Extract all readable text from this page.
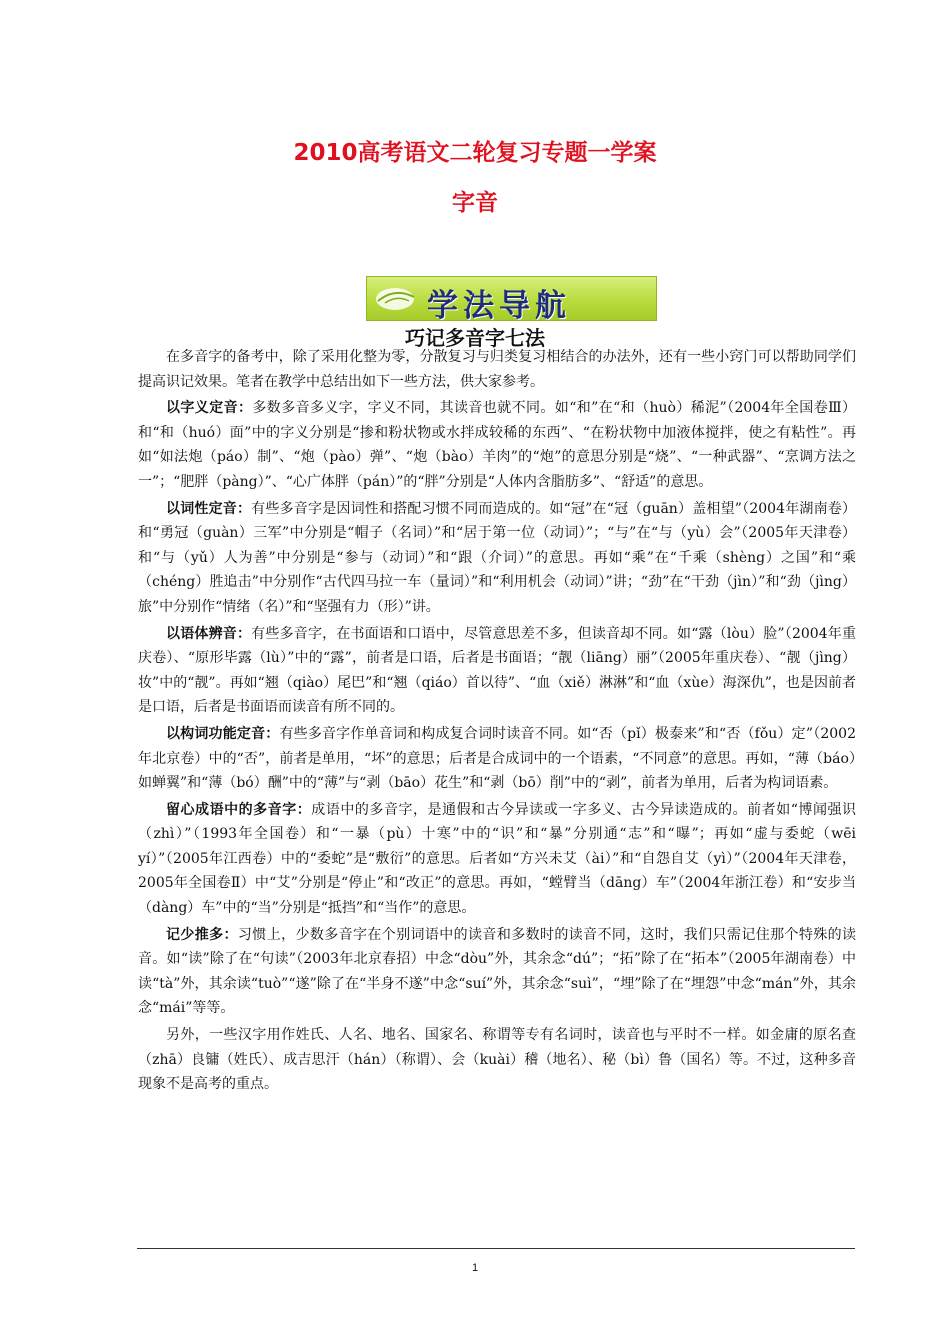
2010高考语文二轮复习专题一学案
字音
学法导航
巧记多音字七法

在多音字的备考中，除了采用化整为零，分散复习与归类复习相结合的办法外，还有一些小窍门可以帮助同学们提高识记效果。笔者在教学中总结出如下一些方法，供大家参考。

以字义定音：多数多音多义字，字义不同，其读音也就不同。如“和”在“和（huò）稀泥”（2004年全国卷Ⅲ）和“和（huó）面”中的字义分别是“掺和粉状物或水拌成较稀的东西”、“在粉状物中加液体搅拌，使之有粘性”。再如“如法炮（páo）制”、“炮（pào）弹”、“炮（bào）羊肉”的“炮”的意思分别是“烧”、“一种武器”、“烹调方法之一”；“肥胖（pàng）”、“心广体胖（pán）”的“胖”分别是“人体内含脂肪多”、“舒适”的意思。

以词性定音：有些多音字是因词性和搭配习惯不同而造成的。如“冠”在“冠（guān）盖相望”（2004年湖南卷）和“勇冠（guàn）三军”中分别是“帽子（名词）”和“居于第一位（动词）”；“与”在“与（yù）会”（2005年天津卷）和“与（yǔ）人为善”中分别是“参与（动词）”和“跟（介词）”的意思。再如“乘”在“千乘（shèng）之国”和“乘（chéng）胜追击”中分别作“古代四马拉一车（量词）”和“利用机会（动词）”讲；“劲”在“干劲（jìn）”和“劲（jìng）旅”中分别作“情绪（名）”和“坚强有力（形）”讲。

以语体辨音：有些多音字，在书面语和口语中，尽管意思差不多，但读音却不同。如“露（lòu）脸”（2004年重庆卷）、“原形毕露（lù）”中的“露”，前者是口语，后者是书面语；“靓（liāng）丽”（2005年重庆卷）、“靓（jìng）妆”中的“靓”。再如“翘（qiào）尾巴”和“翘（qiáo）首以待”、“血（xiě）淋淋”和“血（xùe）海深仇”，也是因前者是口语，后者是书面语而读音有所不同的。

以构词功能定音：有些多音字作单音词和构成复合词时读音不同。如“否（pǐ）极泰来”和“否（fǒu）定”（2002年北京卷）中的“否”，前者是单用，“坏”的意思；后者是合成词中的一个语素，“不同意”的意思。再如，“薄（báo）如蝉翼”和“薄（bó）酬”中的“薄”与“剥（bāo）花生”和“剥（bō）削”中的“剥”，前者为单用，后者为构词语素。

留心成语中的多音字：成语中的多音字，是通假和古今异读或一字多义、古今异读造成的。前者如“博闻强识（zhì）”（1993年全国卷）和“一暴（pù）十寒”中的“识”和“暴”分别通“志”和“曝”；再如“虚与委蛇（wēi　yí）”（2005年江西卷）中的“委蛇”是“敷衍”的意思。后者如“方兴未艾（ài）”和“自怨自艾（yì）”（2004年天津卷，2005年全国卷Ⅱ）中“艾”分别是“停止”和“改正”的意思。再如，“螳臂当（dāng）车”（2004年浙江卷）和“安步当（dàng）车”中的“当”分别是“抵挡”和“当作”的意思。

记少推多：习惯上，少数多音字在个别词语中的读音和多数时的读音不同，这时，我们只需记住那个特殊的读音。如“读”除了在“句读”（2003年北京春招）中念“dòu”外，其余念“dú”；“拓”除了在“拓本”（2005年湖南卷）中读“tà”外，其余读“tuò”“遂”除了在“半身不遂”中念“suí”外，其余念“suì”，“埋”除了在“埋怨”中念“mán”外，其余念“mái”等等。

另外，一些汉字用作姓氏、人名、地名、国家名、称谓等专有名词时，读音也与平时不一样。如金庸的原名查（zhā）良镛（姓氏）、成吉思汗（hán）（称谓）、会（kuài）稽（地名）、秘（bì）鲁（国名）等。不过，这种多音现象不是高考的重点。

1
